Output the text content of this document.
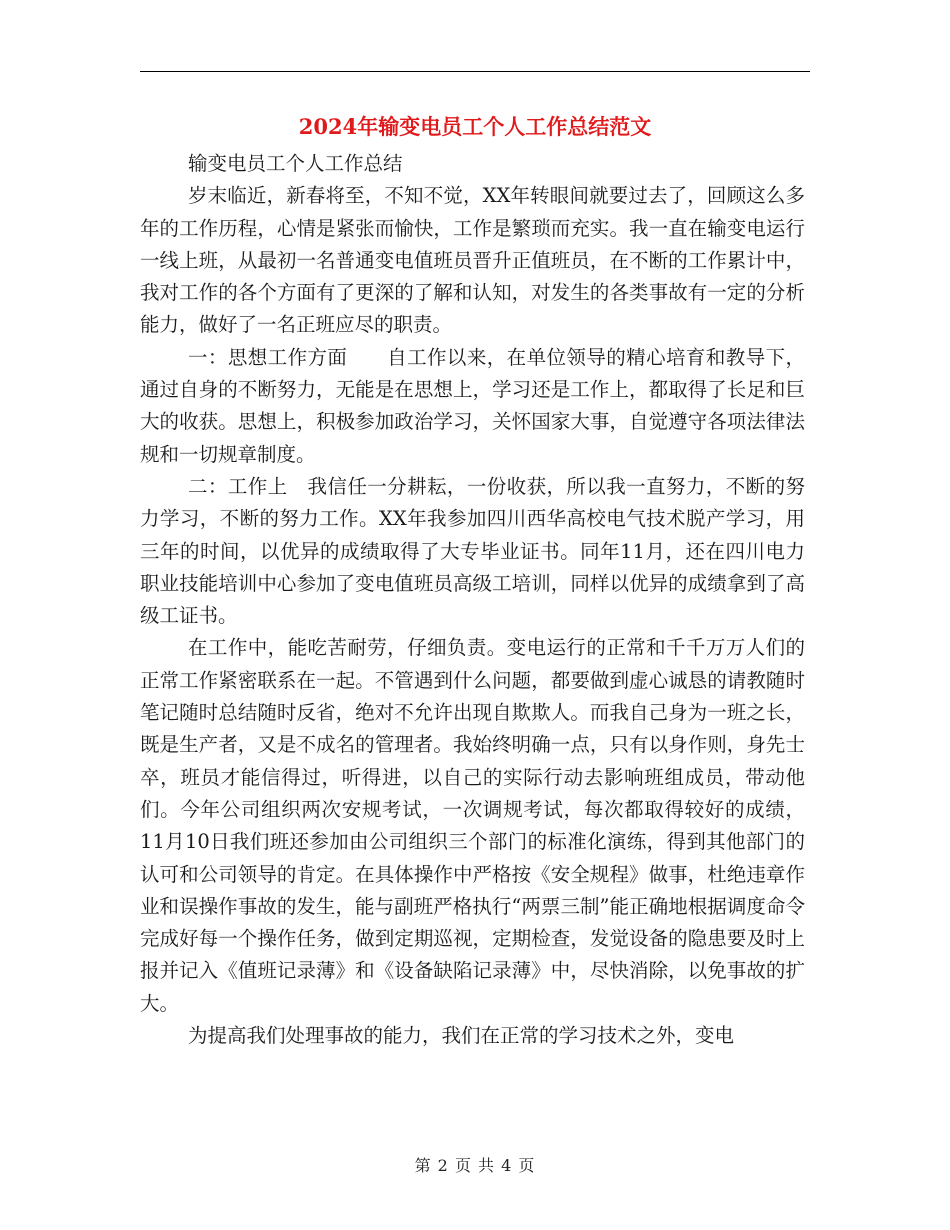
2024年输变电员工个人工作总结范文

输变电员工个人工作总结

岁末临近，新春将至，不知不觉，XX年转眼间就要过去了，回顾这么多年的工作历程，心情是紧张而愉快，工作是繁琐而充实。我一直在输变电运行一线上班，从最初一名普通变电值班员晋升正值班员，在不断的工作累计中，我对工作的各个方面有了更深的了解和认知，对发生的各类事故有一定的分析能力，做好了一名正班应尽的职责。

一：思想工作方面　　自工作以来，在单位领导的精心培育和教导下，通过自身的不断努力，无能是在思想上，学习还是工作上，都取得了长足和巨大的收获。思想上，积极参加政治学习，关怀国家大事，自觉遵守各项法律法规和一切规章制度。

二：工作上　我信任一分耕耘，一份收获，所以我一直努力，不断的努力学习，不断的努力工作。XX年我参加四川西华高校电气技术脱产学习，用三年的时间，以优异的成绩取得了大专毕业证书。同年11月，还在四川电力职业技能培训中心参加了变电值班员高级工培训，同样以优异的成绩拿到了高级工证书。

在工作中，能吃苦耐劳，仔细负责。变电运行的正常和千千万万人们的正常工作紧密联系在一起。不管遇到什么问题，都要做到虚心诚恳的请教随时笔记随时总结随时反省，绝对不允许出现自欺欺人。而我自己身为一班之长，既是生产者，又是不成名的管理者。我始终明确一点，只有以身作则，身先士卒，班员才能信得过，听得进，以自己的实际行动去影响班组成员，带动他们。今年公司组织两次安规考试，一次调规考试，每次都取得较好的成绩，11月10日我们班还参加由公司组织三个部门的标准化演练，得到其他部门的认可和公司领导的肯定。在具体操作中严格按《安全规程》做事，杜绝违章作业和误操作事故的发生，能与副班严格执行“两票三制”能正确地根据调度命令完成好每一个操作任务，做到定期巡视，定期检查，发觉设备的隐患要及时上报并记入《值班记录薄》和《设备缺陷记录薄》中，尽快消除，以免事故的扩大。

为提高我们处理事故的能力，我们在正常的学习技术之外，变电

第 2 页 共 4 页
